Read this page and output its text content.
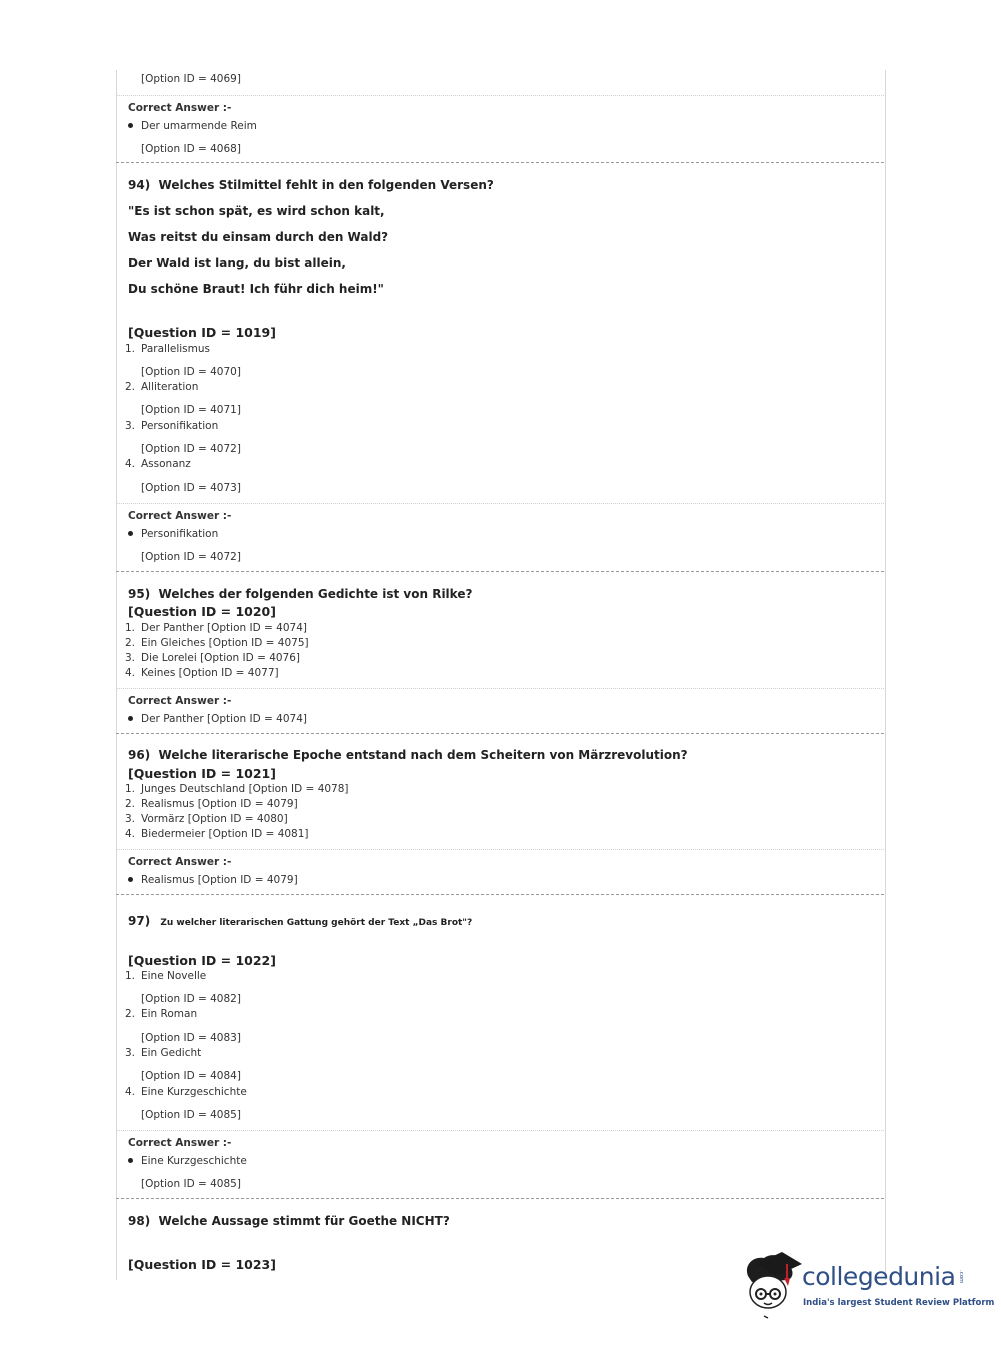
[Option ID = 4069]
Correct Answer :-
Der umarmende Reim
[Option ID = 4068]
94) Welches Stilmittel fehlt in den folgenden Versen?
"Es ist schon spät, es wird schon kalt,
Was reitst du einsam durch den Wald?
Der Wald ist lang, du bist allein,
Du schöne Braut! Ich führ dich heim!"
[Question ID = 1019]
1. Parallelismus
[Option ID = 4070]
2. Alliteration
[Option ID = 4071]
3. Personifikation
[Option ID = 4072]
4. Assonanz
[Option ID = 4073]
Correct Answer :-
Personifikation
[Option ID = 4072]
95) Welches der folgenden Gedichte ist von Rilke?
[Question ID = 1020]
1. Der Panther [Option ID = 4074]
2. Ein Gleiches [Option ID = 4075]
3. Die Lorelei [Option ID = 4076]
4. Keines [Option ID = 4077]
Correct Answer :-
Der Panther [Option ID = 4074]
96) Welche literarische Epoche entstand nach dem Scheitern von Märzrevolution?
[Question ID = 1021]
1. Junges Deutschland [Option ID = 4078]
2. Realismus [Option ID = 4079]
3. Vormärz [Option ID = 4080]
4. Biedermeier [Option ID = 4081]
Correct Answer :-
Realismus [Option ID = 4079]
97) Zu welcher literarischen Gattung gehört der Text „Das Brot"?
[Question ID = 1022]
1. Eine Novelle
[Option ID = 4082]
2. Ein Roman
[Option ID = 4083]
3. Ein Gedicht
[Option ID = 4084]
4. Eine Kurzgeschichte
[Option ID = 4085]
Correct Answer :-
Eine Kurzgeschichte
[Option ID = 4085]
98) Welche Aussage stimmt für Goethe NICHT?
[Question ID = 1023]	collegedunia .com
India's largest Student Review Platform
